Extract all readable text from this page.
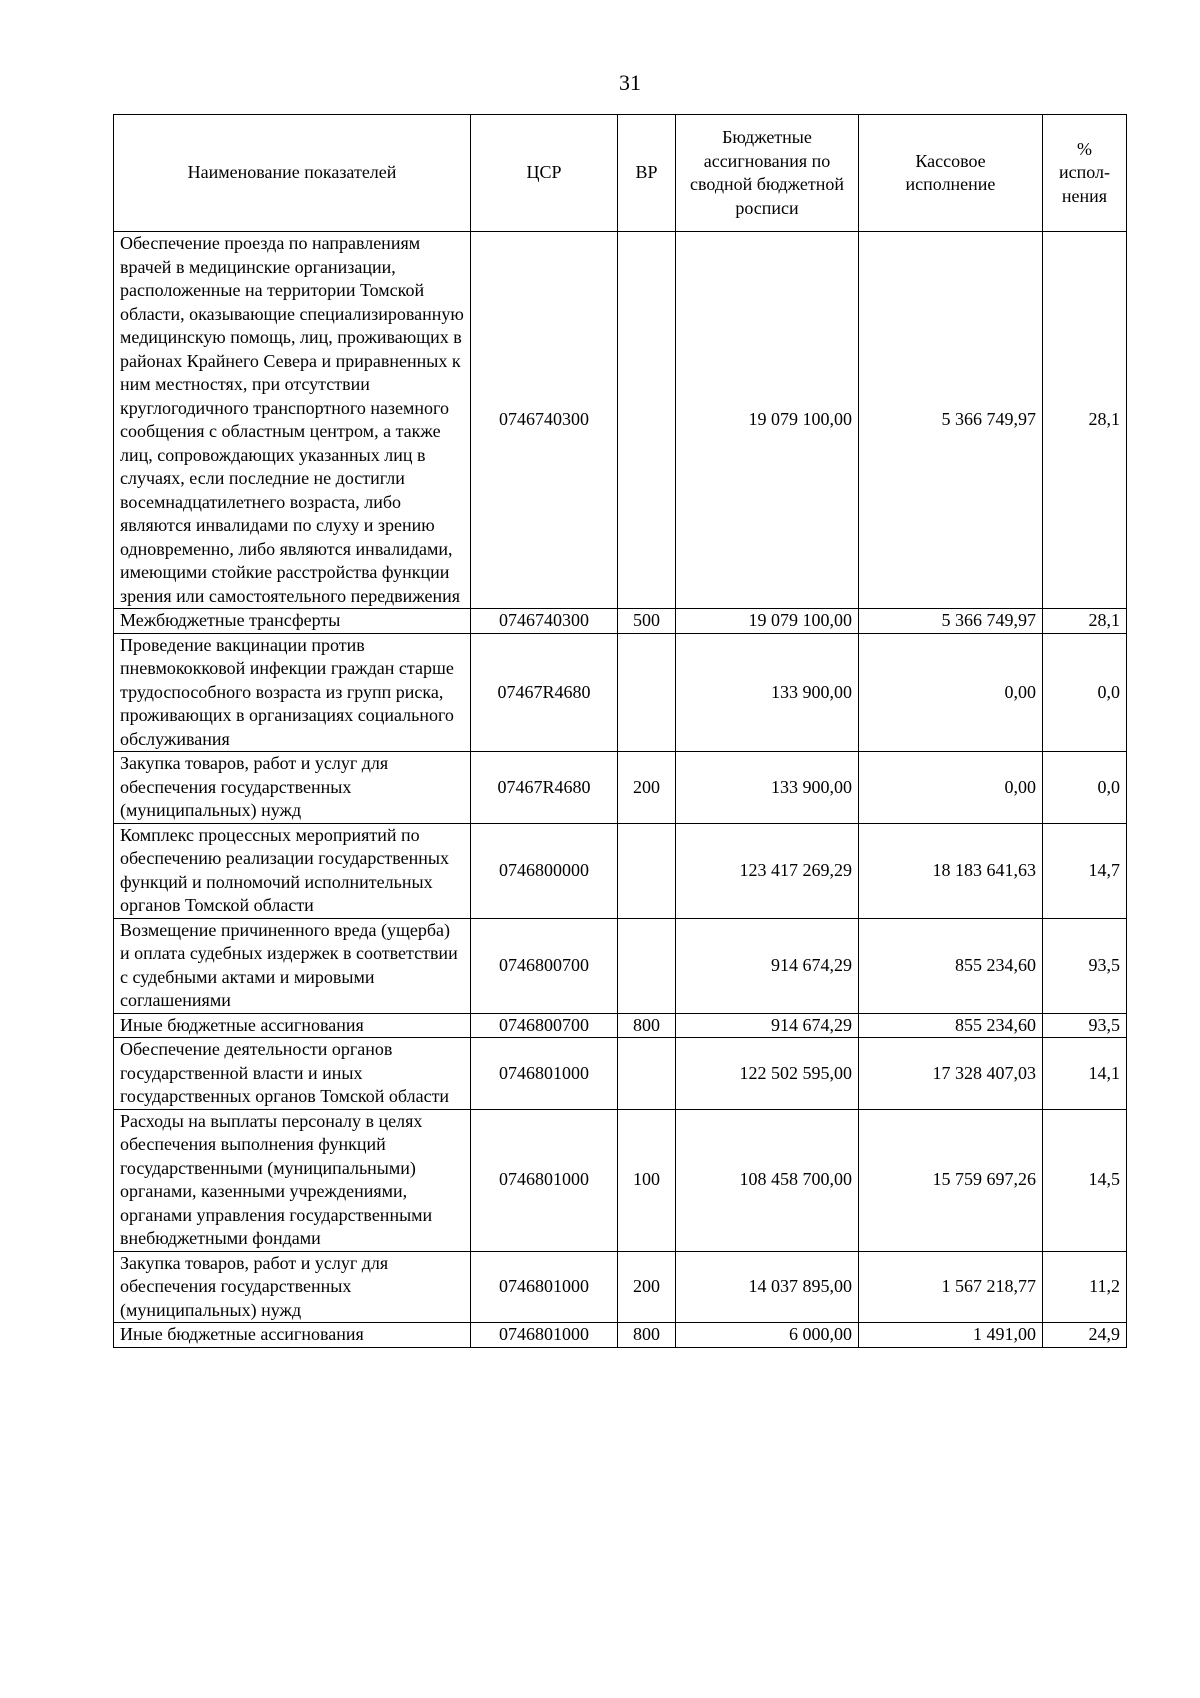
31
Наименование показателей	ЦСР	ВР	Бюджетные ассигнования по сводной бюджетной росписи	Кассовое исполнение	% испол-нения
Обеспечение проезда по направлениям врачей в медицинские организации, расположенные на территории Томской области, оказывающие специализированную медицинскую помощь, лиц, проживающих в районах Крайнего Севера и приравненных к ним местностях, при отсутствии круглогодичного транспортного наземного сообщения с областным центром, а также лиц, сопровождающих указанных лиц в случаях, если последние не достигли восемнадцатилетнего возраста, либо являются инвалидами по слуху и зрению одновременно, либо являются инвалидами, имеющими стойкие расстройства функции зрения или самостоятельного передвижения	0746740300		19 079 100,00	5 366 749,97	28,1
Межбюджетные трансферты	0746740300	500	19 079 100,00	5 366 749,97	28,1
Проведение вакцинации против пневмококковой инфекции граждан старше трудоспособного возраста из групп риска, проживающих в организациях социального обслуживания	07467R4680		133 900,00	0,00	0,0
Закупка товаров, работ и услуг для обеспечения государственных (муниципальных) нужд	07467R4680	200	133 900,00	0,00	0,0
Комплекс процессных мероприятий по обеспечению реализации государственных функций и полномочий исполнительных органов Томской области	0746800000		123 417 269,29	18 183 641,63	14,7
Возмещение причиненного вреда (ущерба) и оплата судебных издержек в соответствии с судебными актами и мировыми соглашениями	0746800700		914 674,29	855 234,60	93,5
Иные бюджетные ассигнования	0746800700	800	914 674,29	855 234,60	93,5
Обеспечение деятельности органов государственной власти и иных государственных органов Томской области	0746801000		122 502 595,00	17 328 407,03	14,1
Расходы на выплаты персоналу в целях обеспечения выполнения функций государственными (муниципальными) органами, казенными учреждениями, органами управления государственными внебюджетными фондами	0746801000	100	108 458 700,00	15 759 697,26	14,5
Закупка товаров, работ и услуг для обеспечения государственных (муниципальных) нужд	0746801000	200	14 037 895,00	1 567 218,77	11,2
Иные бюджетные ассигнования	0746801000	800	6 000,00	1 491,00	24,9
